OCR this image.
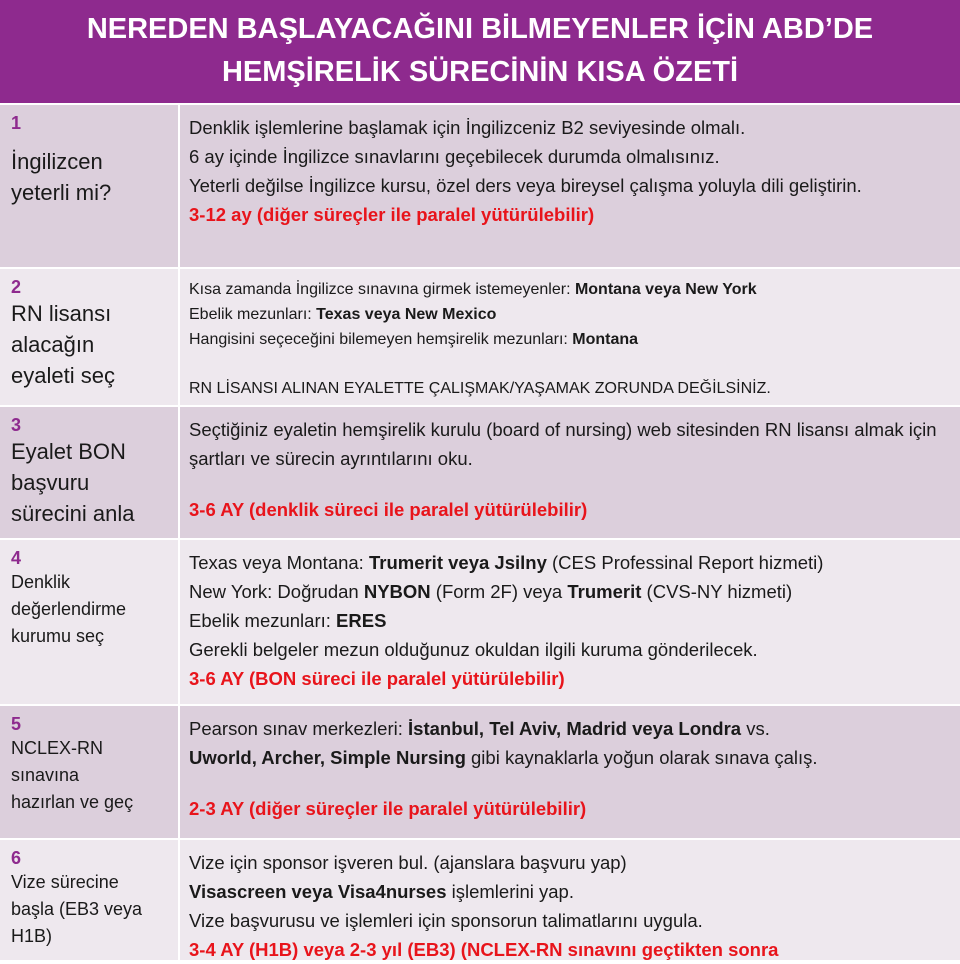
NEREDEN BAŞLAYACAĞINI BİLMEYENLER İÇİN ABD’DE
HEMŞİRELİK SÜRECİNİN KISA ÖZETİ
1
İngilizcen
yeterli mi?
Denklik işlemlerine başlamak için İngilizceniz B2 seviyesinde olmalı.
6 ay içinde İngilizce sınavlarını geçebilecek durumda olmalısınız.
Yeterli değilse İngilizce kursu, özel ders veya bireysel çalışma yoluyla dili geliştirin.
3-12 ay (diğer süreçler ile paralel yütürülebilir)
2
RN lisansı
alacağın
eyaleti seç
Kısa zamanda İngilizce sınavına girmek istemeyenler: Montana veya New York
Ebelik mezunları: Texas veya New Mexico
Hangisini seçeceğini bilemeyen hemşirelik mezunları: Montana
RN LİSANSI ALINAN EYALETTE ÇALIŞMAK/YAŞAMAK ZORUNDA DEĞİLSİNİZ.
3
Eyalet BON
başvuru
sürecini anla
Seçtiğiniz eyaletin hemşirelik kurulu (board of nursing) web sitesinden RN lisansı almak için şartları ve sürecin ayrıntılarını oku.
3-6 AY (denklik süreci ile paralel yütürülebilir)
4
Denklik
değerlendirme
kurumu seç
Texas veya Montana: Trumerit veya Jsilny (CES Professinal Report hizmeti)
New York: Doğrudan NYBON (Form 2F) veya Trumerit (CVS-NY hizmeti)
Ebelik mezunları: ERES
Gerekli belgeler mezun olduğunuz okuldan ilgili kuruma gönderilecek.
3-6 AY (BON süreci ile paralel yütürülebilir)
5
NCLEX-RN
sınavına
hazırlan ve geç
Pearson sınav merkezleri: İstanbul, Tel Aviv, Madrid veya Londra vs.
Uworld, Archer, Simple Nursing gibi kaynaklarla yoğun olarak sınava çalış.
2-3 AY (diğer süreçler ile paralel yütürülebilir)
6
Vize sürecine
başla (EB3 veya
H1B)
Vize için sponsor işveren bul. (ajanslara başvuru yap)
Visascreen veya Visa4nurses işlemlerini yap.
Vize başvurusu ve işlemleri için sponsorun talimatlarını uygula.
3-4 AY (H1B) veya 2-3 yıl (EB3) (NCLEX-RN sınavını geçtikten sonra
